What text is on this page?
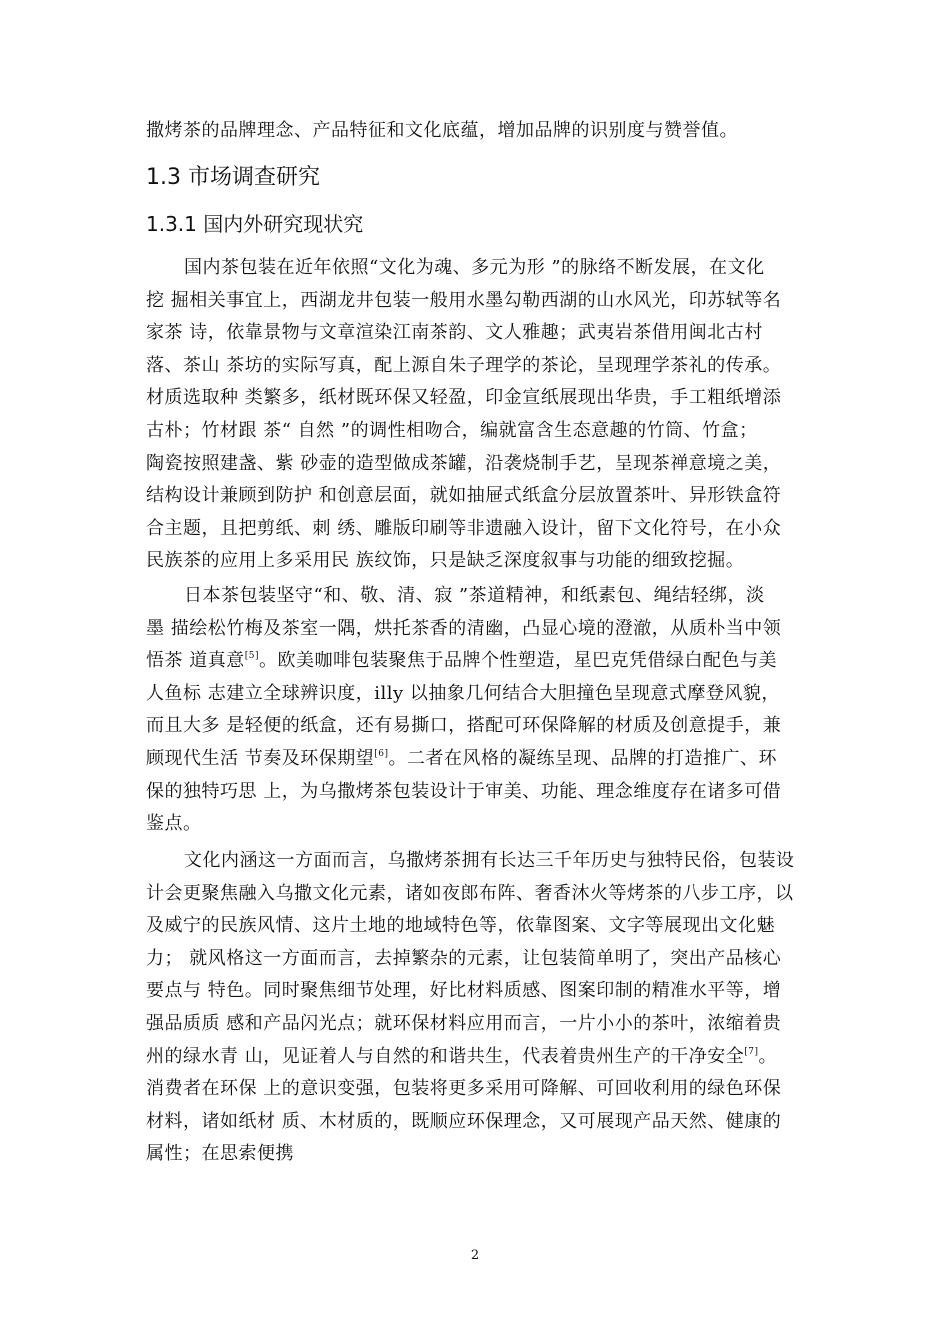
撒烤茶的品牌理念、产品特征和文化底蕴，增加品牌的识别度与赞誉值。
1.3 市场调查研究
1.3.1 国内外研究现状究
国内茶包装在近年依照“文化为魂、多元为形 ”的脉络不断发展，在文化
挖 掘相关事宜上，西湖龙井包装一般用水墨勾勒西湖的山水风光，印苏轼等名
家茶 诗，依靠景物与文章渲染江南茶韵、文人雅趣；武夷岩茶借用闽北古村
落、茶山 茶坊的实际写真，配上源自朱子理学的茶论，呈现理学茶礼的传承。
材质选取种 类繁多，纸材既环保又轻盈，印金宣纸展现出华贵，手工粗纸增添
古朴；竹材跟 茶“ 自然 ”的调性相吻合，编就富含生态意趣的竹筒、竹盒；
陶瓷按照建盏、紫 砂壶的造型做成茶罐，沿袭烧制手艺，呈现茶禅意境之美，
结构设计兼顾到防护 和创意层面，就如抽屉式纸盒分层放置茶叶、异形铁盒符
合主题，且把剪纸、刺 绣、雕版印刷等非遗融入设计，留下文化符号，在小众
民族茶的应用上多采用民 族纹饰，只是缺乏深度叙事与功能的细致挖掘。
日本茶包装坚守“和、敬、清、寂 ”茶道精神，和纸素包、绳结轻绑，淡
墨 描绘松竹梅及茶室一隅，烘托茶香的清幽，凸显心境的澄澈，从质朴当中领
悟茶 道真意[5]。欧美咖啡包装聚焦于品牌个性塑造，星巴克凭借绿白配色与美
人鱼标 志建立全球辨识度，illy 以抽象几何结合大胆撞色呈现意式摩登风貌，
而且大多 是轻便的纸盒，还有易撕口，搭配可环保降解的材质及创意提手，兼
顾现代生活 节奏及环保期望[6]。二者在风格的凝练呈现、品牌的打造推广、环
保的独特巧思 上，为乌撒烤茶包装设计于审美、功能、理念维度存在诸多可借
鉴点。
文化内涵这一方面而言，乌撒烤茶拥有长达三千年历史与独特民俗，包装设
计会更聚焦融入乌撒文化元素，诸如夜郎布阵、奢香沐火等烤茶的八步工序，以
及威宁的民族风情、这片土地的地域特色等，依靠图案、文字等展现出文化魅
力； 就风格这一方面而言，去掉繁杂的元素，让包装简单明了，突出产品核心
要点与 特色。同时聚焦细节处理，好比材料质感、图案印制的精准水平等，增
强品质质 感和产品闪光点；就环保材料应用而言，一片小小的茶叶，浓缩着贵
州的绿水青 山，见证着人与自然的和谐共生，代表着贵州生产的干净安全[7]。
消费者在环保 上的意识变强，包装将更多采用可降解、可回收利用的绿色环保
材料，诸如纸材 质、木材质的，既顺应环保理念，又可展现产品天然、健康的
属性；在思索便携
2
